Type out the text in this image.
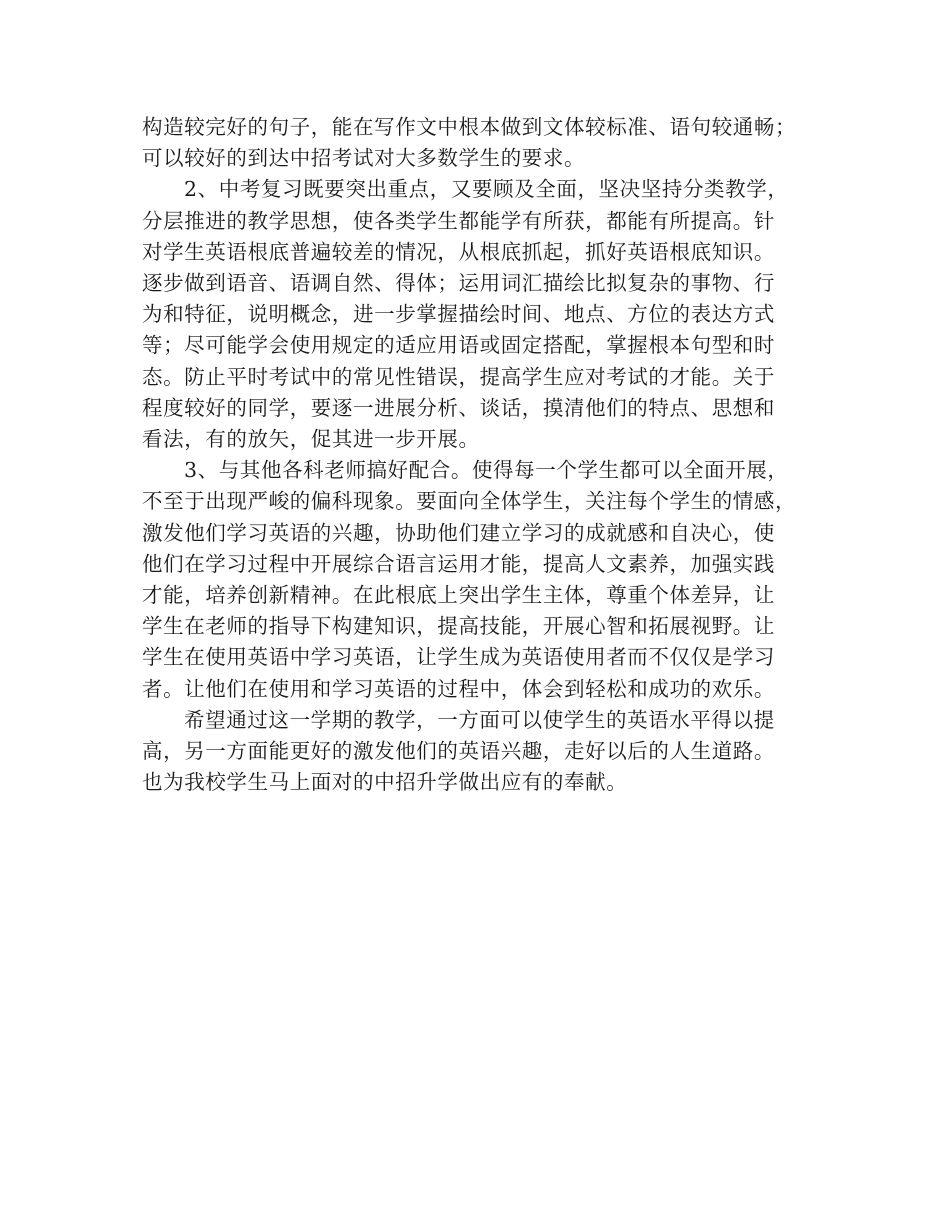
构造较完好的句子，能在写作文中根本做到文体较标准、语句较通畅；
可以较好的到达中招考试对大多数学生的要求。
2、中考复习既要突出重点，又要顾及全面，坚决坚持分类教学，
分层推进的教学思想，使各类学生都能学有所获，都能有所提高。针
对学生英语根底普遍较差的情况，从根底抓起，抓好英语根底知识。
逐步做到语音、语调自然、得体；运用词汇描绘比拟复杂的事物、行
为和特征，说明概念，进一步掌握描绘时间、地点、方位的表达方式
等；尽可能学会使用规定的适应用语或固定搭配，掌握根本句型和时
态。防止平时考试中的常见性错误，提高学生应对考试的才能。关于
程度较好的同学，要逐一进展分析、谈话，摸清他们的特点、思想和
看法，有的放矢，促其进一步开展。
3、与其他各科老师搞好配合。使得每一个学生都可以全面开展，
不至于出现严峻的偏科现象。要面向全体学生，关注每个学生的情感，
激发他们学习英语的兴趣，协助他们建立学习的成就感和自决心，使
他们在学习过程中开展综合语言运用才能，提高人文素养，加强实践
才能，培养创新精神。在此根底上突出学生主体，尊重个体差异，让
学生在老师的指导下构建知识，提高技能，开展心智和拓展视野。让
学生在使用英语中学习英语，让学生成为英语使用者而不仅仅是学习
者。让他们在使用和学习英语的过程中，体会到轻松和成功的欢乐。
希望通过这一学期的教学，一方面可以使学生的英语水平得以提
高，另一方面能更好的激发他们的英语兴趣，走好以后的人生道路。
也为我校学生马上面对的中招升学做出应有的奉献。
